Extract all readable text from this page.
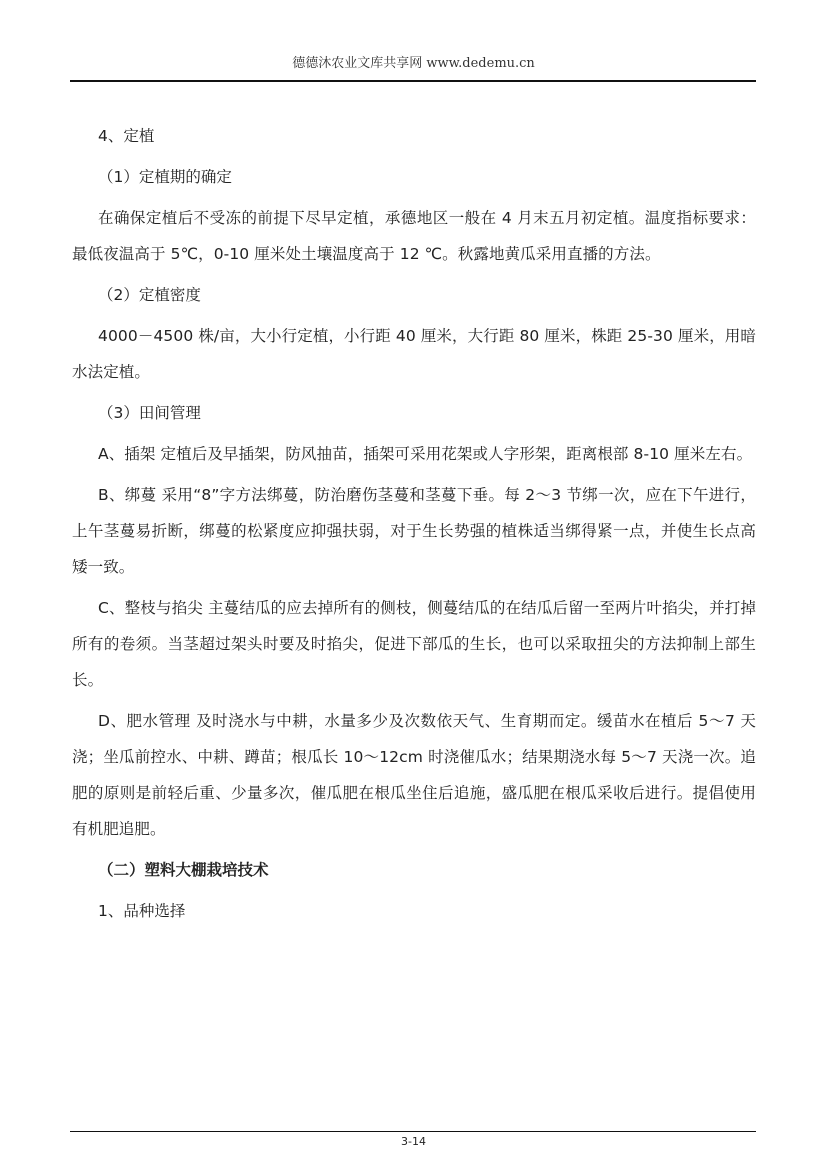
德德沐农业文库共享网 www.dedemu.cn

4、定植

（1）定植期的确定

在确保定植后不受冻的前提下尽早定植，承德地区一般在 4 月末五月初定植。温度指标要求：最低夜温高于 5℃，0-10 厘米处土壤温度高于 12 ℃。秋露地黄瓜采用直播的方法。

（2）定植密度

4000－4500 株/亩，大小行定植，小行距 40 厘米，大行距 80 厘米，株距 25-30 厘米，用暗水法定植。

（3）田间管理

A、插架 定植后及早插架，防风抽苗，插架可采用花架或人字形架，距离根部 8-10 厘米左右。

B、绑蔓 采用“8”字方法绑蔓，防治磨伤茎蔓和茎蔓下垂。每 2～3 节绑一次，应在下午进行，上午茎蔓易折断，绑蔓的松紧度应抑强扶弱，对于生长势强的植株适当绑得紧一点，并使生长点高矮一致。

C、整枝与掐尖 主蔓结瓜的应去掉所有的侧枝，侧蔓结瓜的在结瓜后留一至两片叶掐尖，并打掉所有的卷须。当茎超过架头时要及时掐尖，促进下部瓜的生长，也可以采取扭尖的方法抑制上部生长。

D、肥水管理 及时浇水与中耕，水量多少及次数依天气、生育期而定。缓苗水在植后 5～7 天浇；坐瓜前控水、中耕、蹲苗；根瓜长 10～12cm 时浇催瓜水；结果期浇水每 5～7 天浇一次。追肥的原则是前轻后重、少量多次，催瓜肥在根瓜坐住后追施，盛瓜肥在根瓜采收后进行。提倡使用有机肥追肥。

（二）塑料大棚栽培技术

1、品种选择

3-14
